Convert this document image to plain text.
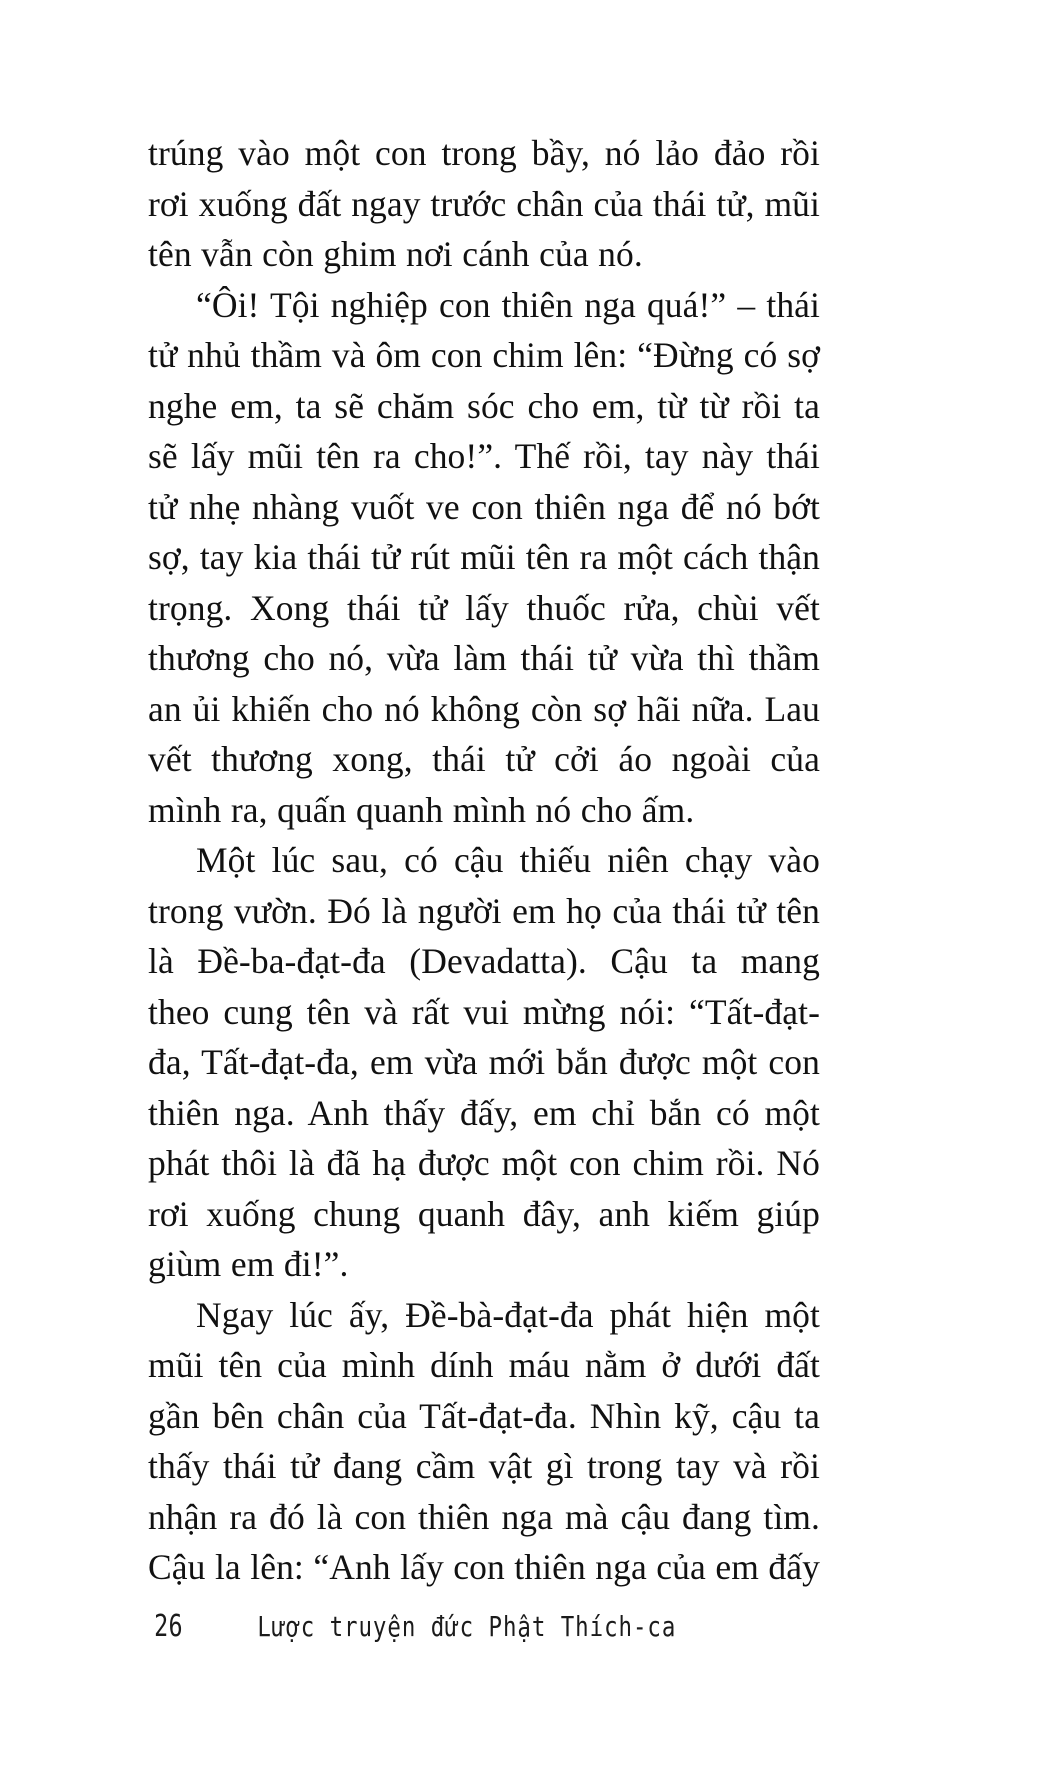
trúng vào một con trong bầy, nó lảo đảo rồi rơi xuống đất ngay trước chân của thái tử, mũi tên vẫn còn ghim nơi cánh của nó.

“Ôi! Tội nghiệp con thiên nga quá!” – thái tử nhủ thầm và ôm con chim lên: “Đừng có sợ nghe em, ta sẽ chăm sóc cho em, từ từ rồi ta sẽ lấy mũi tên ra cho!”. Thế rồi, tay này thái tử nhẹ nhàng vuốt ve con thiên nga để nó bớt sợ, tay kia thái tử rút mũi tên ra một cách thận trọng. Xong thái tử lấy thuốc rửa, chùi vết thương cho nó, vừa làm thái tử vừa thì thầm an ủi khiến cho nó không còn sợ hãi nữa. Lau vết thương xong, thái tử cởi áo ngoài của mình ra, quấn quanh mình nó cho ấm.

Một lúc sau, có cậu thiếu niên chạy vào trong vườn. Đó là người em họ của thái tử tên là Đề-ba-đạt-đa (Devadatta). Cậu ta mang theo cung tên và rất vui mừng nói: “Tất-đạt-đa, Tất-đạt-đa, em vừa mới bắn được một con thiên nga. Anh thấy đấy, em chỉ bắn có một phát thôi là đã hạ được một con chim rồi. Nó rơi xuống chung quanh đây, anh kiếm giúp giùm em đi!”.

Ngay lúc ấy, Đề-bà-đạt-đa phát hiện một mũi tên của mình dính máu nằm ở dưới đất gần bên chân của Tất-đạt-đa. Nhìn kỹ, cậu ta thấy thái tử đang cầm vật gì trong tay và rồi nhận ra đó là con thiên nga mà cậu đang tìm. Cậu la lên: “Anh lấy con thiên nga của em đấy

26	Lược truyện đức Phật Thích-ca
